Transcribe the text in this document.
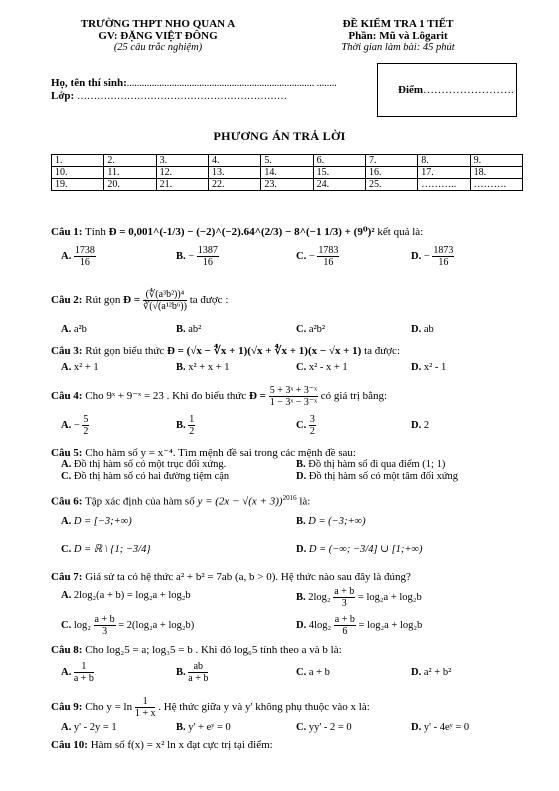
TRƯỜNG THPT NHO QUAN A
GV: ĐẶNG VIỆT ĐÔNG
(25 câu trắc nghiệm)
ĐỀ KIỂM TRA 1 TIẾT
Phần: Mũ và Lôgarit
Thời gian làm bài: 45 phút
Họ, tên thí sinh:........................................................................... ........
Lớp: ………………………………………………………
Điểm…………………….
PHƯƠNG ÁN TRẢ LỜI
1.	2.	3.	4.	5.	6.	7.	8.	9.
10.	11.	12.	13.	14.	15.	16.	17.	18.
19.	20.	21.	22.	23.	24.	25.	………..	……….
Câu 1: Tính Đ = 0,001^(-1/3) − (−2)^(−2).64^(2/3) − 8^(−1 1/3) + (9⁰)² kết quả là:
A. $\frac{1738}{16}$	B. − $\frac{1387}{16}$	C. − $\frac{1783}{16}$	D. − $\frac{1873}{16}$
Câu 2: Rút gọn Đ = $\frac{\text{(∜(a³b²))⁴}}{\text{∛(√(a¹²b⁶))}}$ ta được :
A. a²b	B. ab²	C. a²b²	D. ab
Câu 3: Rút gọn biểu thức Đ = (√x − ∜x + 1)(√x + ∜x + 1)(x − √x + 1) ta được:
A. x² + 1	B. x² + x + 1	C. x² - x + 1	D. x² - 1
Câu 4: Cho 9ˣ + 9⁻ˣ = 23 . Khi đo biểu thức Đ = $\frac{\text{5 + 3ˣ + 3⁻ˣ}}{\text{1 − 3ˣ − 3⁻ˣ}}$ có giá trị bằng:
A. − $\frac{5}{2}$	B. $\frac{1}{2}$	C. $\frac{3}{2}$	D. 2
Câu 5: Cho hàm số y = x⁻⁴. Tìm mệnh đề sai trong các mệnh đề sau:
A. Đồ thị hàm số có một trục đối xứng.	B. Đồ thị hàm số đi qua điểm (1; 1)
C. Đồ thị hàm số có hai đường tiệm cận	D. Đồ thị hàm số có một tâm đối xứng
Câu 6: Tập xác định của hàm số $y = (2x - √(x + 3))^{2016}$ là:
A. D = [−3;+∞)	B. D = (−3;+∞)
C. D = ℝ \ {1; −3/4}	D. D = (−∞; −3/4] ∪ [1;+∞)
Câu 7: Giả sử ta có hệ thức a² + b² = 7ab (a, b > 0). Hệ thức nào sau đây là đúng?
A. 2log₂(a + b) = log₂a + log₂b	B. $2\log_2 \frac{a + b}{3} = \log_2a + \log_2b$
C. $\log_2 \frac{a + b}{3} = 2(\log_2a + \log_2b)$	D. $4\log_2 \frac{a + b}{6} = \log_2a + \log_2b$
Câu 8: Cho log₂5 = a; log₃5 = b . Khi đó log₆5 tính theo a và b là:
A. $\frac{1}{a + b}$	B. $\frac{ab}{a + b}$	C. a + b	D. a² + b²
Câu 9: Cho $y = \ln \frac{1}{1 + x}$ . Hệ thức giữa y và y' không phụ thuộc vào x là:
A. y' - 2y = 1	B. y' + eʸ = 0	C. yy' - 2 = 0	D. y' - 4eʸ = 0
Câu 10: Hàm số f(x) = x² ln x đạt cực trị tại điểm:
